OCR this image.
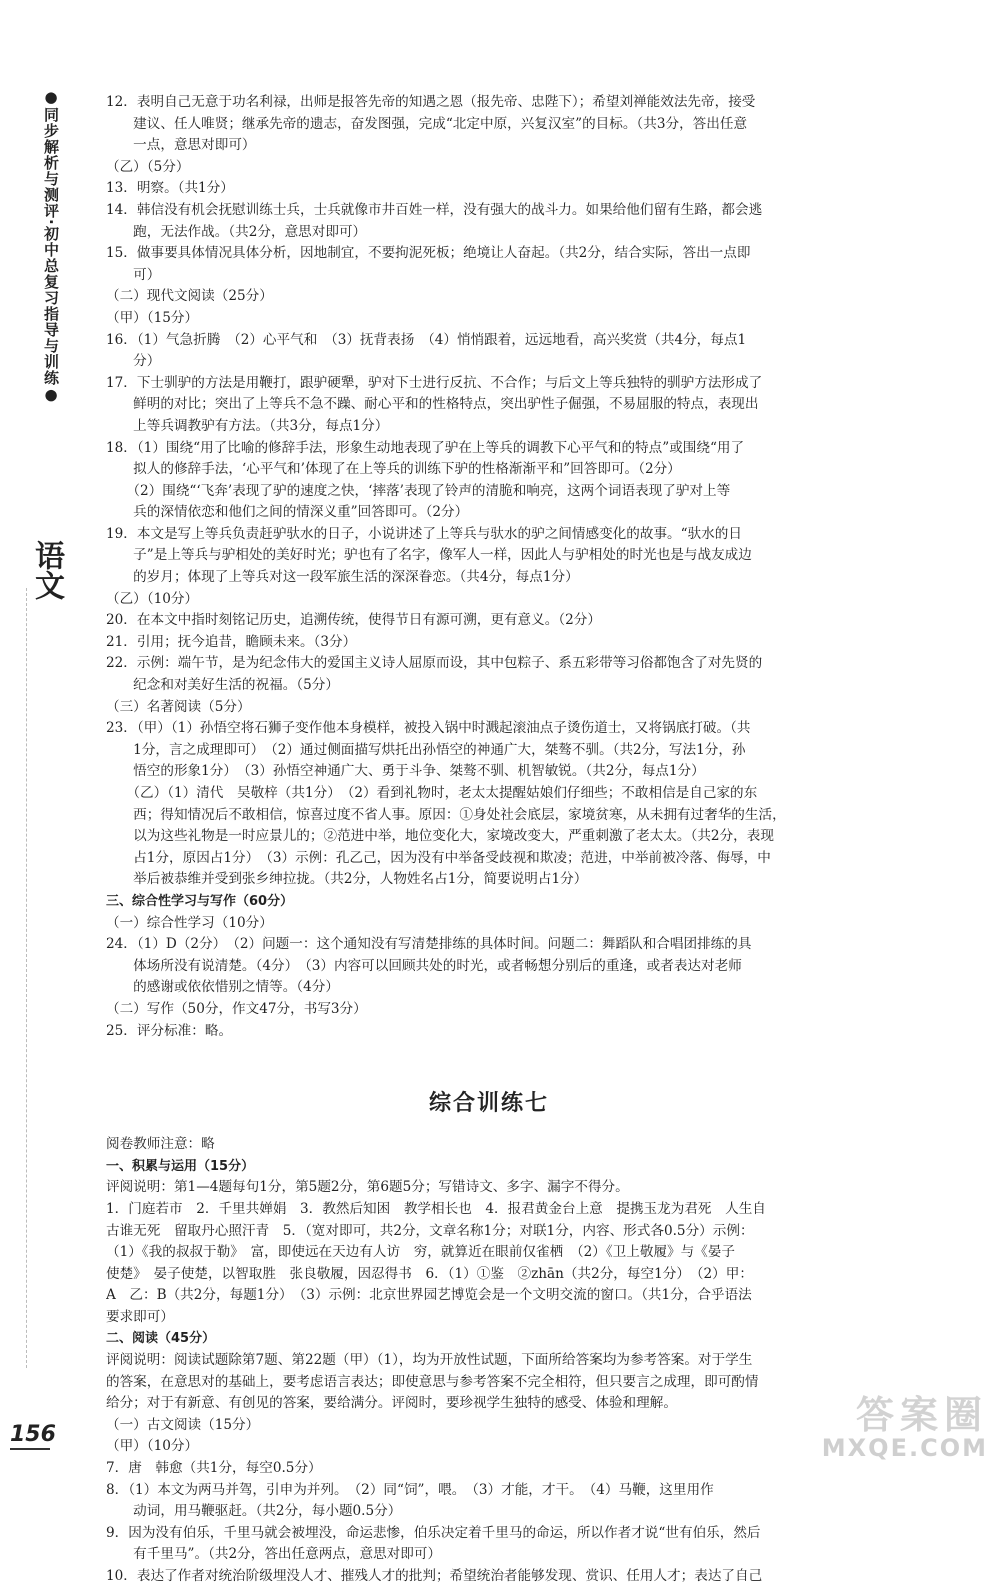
●同步解析与测评·初中总复习指导与训练●
语文
12．表明自己无意于功名利禄，出师是报答先帝的知遇之恩（报先帝、忠陛下）；希望刘禅能效法先帝，接受
　　建议、任人唯贤；继承先帝的遗志，奋发图强，完成“北定中原，兴复汉室”的目标。（共3分，答出任意
　　一点，意思对即可）
（乙）（5分）
13．明察。（共1分）
14．韩信没有机会抚慰训练士兵，士兵就像市井百姓一样，没有强大的战斗力。如果给他们留有生路，都会逃
　　跑，无法作战。（共2分，意思对即可）
15．做事要具体情况具体分析，因地制宜，不要拘泥死板；绝境让人奋起。（共2分，结合实际，答出一点即
　　可）
（二）现代文阅读（25分）
（甲）（15分）
16．（1）气急折腾　（2）心平气和　（3）抚背表扬　（4）悄悄跟着，远远地看，高兴奖赏（共4分，每点1
　　分）
17．下士驯驴的方法是用鞭打，跟驴硬犟，驴对下士进行反抗、不合作；与后文上等兵独特的驯驴方法形成了
　　鲜明的对比；突出了上等兵不急不躁、耐心平和的性格特点，突出驴性子倔强，不易屈服的特点，表现出
　　上等兵调教驴有方法。（共3分，每点1分）
18．（1）围绕“用了比喻的修辞手法，形象生动地表现了驴在上等兵的调教下心平气和的特点”或围绕“用了
　　拟人的修辞手法，‘心平气和’体现了在上等兵的训练下驴的性格渐渐平和”回答即可。（2分）
　　（2）围绕“‘飞奔’表现了驴的速度之快，‘摔落’表现了铃声的清脆和响亮，这两个词语表现了驴对上等
　　兵的深情依恋和他们之间的情深义重”回答即可。（2分）
19．本文是写上等兵负责赶驴驮水的日子，小说讲述了上等兵与驮水的驴之间情感变化的故事。“驮水的日
　　子”是上等兵与驴相处的美好时光；驴也有了名字，像军人一样，因此人与驴相处的时光也是与战友成边
　　的岁月；体现了上等兵对这一段军旅生活的深深眷恋。（共4分，每点1分）
（乙）（10分）
20．在本文中指时刻铭记历史，追溯传统，使得节日有源可溯，更有意义。（2分）
21．引用；抚今追昔，瞻顾未来。（3分）
22．示例：端午节，是为纪念伟大的爱国主义诗人屈原而设，其中包粽子、系五彩带等习俗都饱含了对先贤的
　　纪念和对美好生活的祝福。（5分）
（三）名著阅读（5分）
23．（甲）（1）孙悟空将石狮子变作他本身模样，被投入锅中时溅起滚油点子烫伤道士，又将锅底打破。（共
　　1分，言之成理即可）　（2）通过侧面描写烘托出孙悟空的神通广大，桀骜不驯。（共2分，写法1分，孙
　　悟空的形象1分）　（3）孙悟空神通广大、勇于斗争、桀骜不驯、机智敏锐。（共2分，每点1分）
　　（乙）（1）清代　吴敬梓（共1分）　（2）看到礼物时，老太太提醒姑娘们仔细些；不敢相信是自己家的东
　　西；得知情况后不敢相信，惊喜过度不省人事。原因：①身处社会底层，家境贫寒，从未拥有过奢华的生活，
　　以为这些礼物是一时应景儿的；②范进中举，地位变化大，家境改变大，严重刺激了老太太。（共2分，表现
　　占1分，原因占1分）　（3）示例：孔乙己，因为没有中举备受歧视和欺凌；范进，中举前被冷落、侮辱，中
　　举后被恭维并受到张乡绅拉拢。（共2分，人物姓名占1分，简要说明占1分）
三、综合性学习与写作（60分）
（一）综合性学习（10分）
24．（1）D（2分）　（2）问题一：这个通知没有写清楚排练的具体时间。问题二：舞蹈队和合唱团排练的具
　　体场所没有说清楚。（4分）　（3）内容可以回顾共处的时光，或者畅想分别后的重逢，或者表达对老师
　　的感谢或依依惜别之情等。（4分）
（二）写作（50分，作文47分，书写3分）
25．评分标准：略。
综合训练七
阅卷教师注意：略
一、积累与运用（15分）
评阅说明：第1—4题每句1分，第5题2分，第6题5分；写错诗文、多字、漏字不得分。
1．门庭若市　2．千里共婵娟　3．教然后知困　教学相长也　4．报君黄金台上意　提携玉龙为君死　人生自
古谁无死　留取丹心照汗青　5．（宽对即可，共2分，文章名称1分；对联1分，内容、形式各0.5分）示例：
（1）《我的叔叔于勒》　富，即使远在天边有人访　穷，就算近在眼前仅雀栖　（2）《卫上敬履》与《晏子
使楚》　晏子使楚，以智取胜　张良敬履，因忍得书　6．（1）①鉴　②zhān（共2分，每空1分）　（2）甲：
A　乙：B（共2分，每题1分）　（3）示例：北京世界园艺博览会是一个文明交流的窗口。（共1分，合乎语法
要求即可）
二、阅读（45分）
评阅说明：阅读试题除第7题、第22题（甲）（1），均为开放性试题，下面所给答案均为参考答案。对于学生
的答案，在意思对的基础上，要考虑语言表达；即使意思与参考答案不完全相符，但只要言之成理，即可酌情
给分；对于有新意、有创见的答案，要给满分。评阅时，要珍视学生独特的感受、体验和理解。
（一）古文阅读（15分）
（甲）（10分）
7．唐　韩愈（共1分，每空0.5分）
8．（1）本文为两马并驾，引申为并列。　（2）同“饲”，喂。　（3）才能，才干。　（4）马鞭，这里用作
　　动词，用马鞭驱赶。（共2分，每小题0.5分）
9．因为没有伯乐，千里马就会被埋没，命运悲惨，伯乐决定着千里马的命运，所以作者才说“世有伯乐，然后
　　有千里马”。（共2分，答出任意两点，意思对即可）
10．表达了作者对统治阶级埋没人才、摧残人才的批判；希望统治者能够发现、赏识、任用人才；表达了自己
156	答案圈
MXQE.COM
